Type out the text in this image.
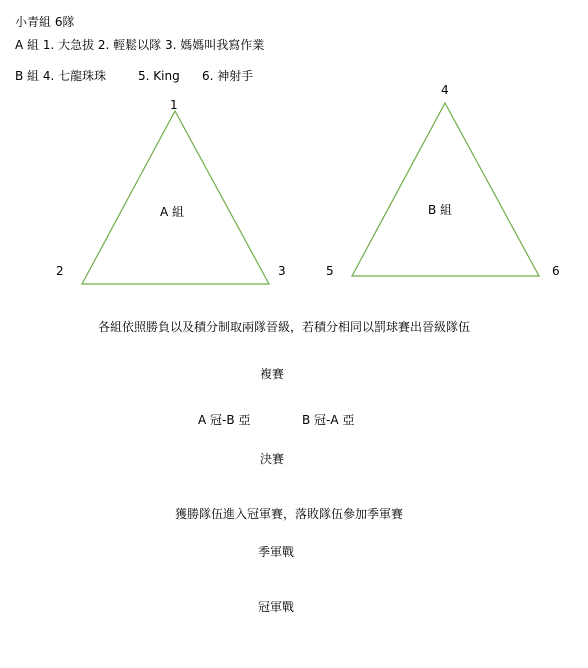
小青組 6隊
A 組 1. 大急拔 2. 輕鬆以隊 3. 媽媽叫我寫作業
B 組 4. 七龍珠珠	5. King 6. 神射手
1
A 組
2	3
4
B 組
5	6
各組依照勝負以及積分制取兩隊晉級，若積分相同以罰球賽出晉級隊伍
複賽
A 冠-B 亞	B 冠-A 亞
決賽
獲勝隊伍進入冠軍賽，落敗隊伍參加季軍賽
季軍戰
冠軍戰
